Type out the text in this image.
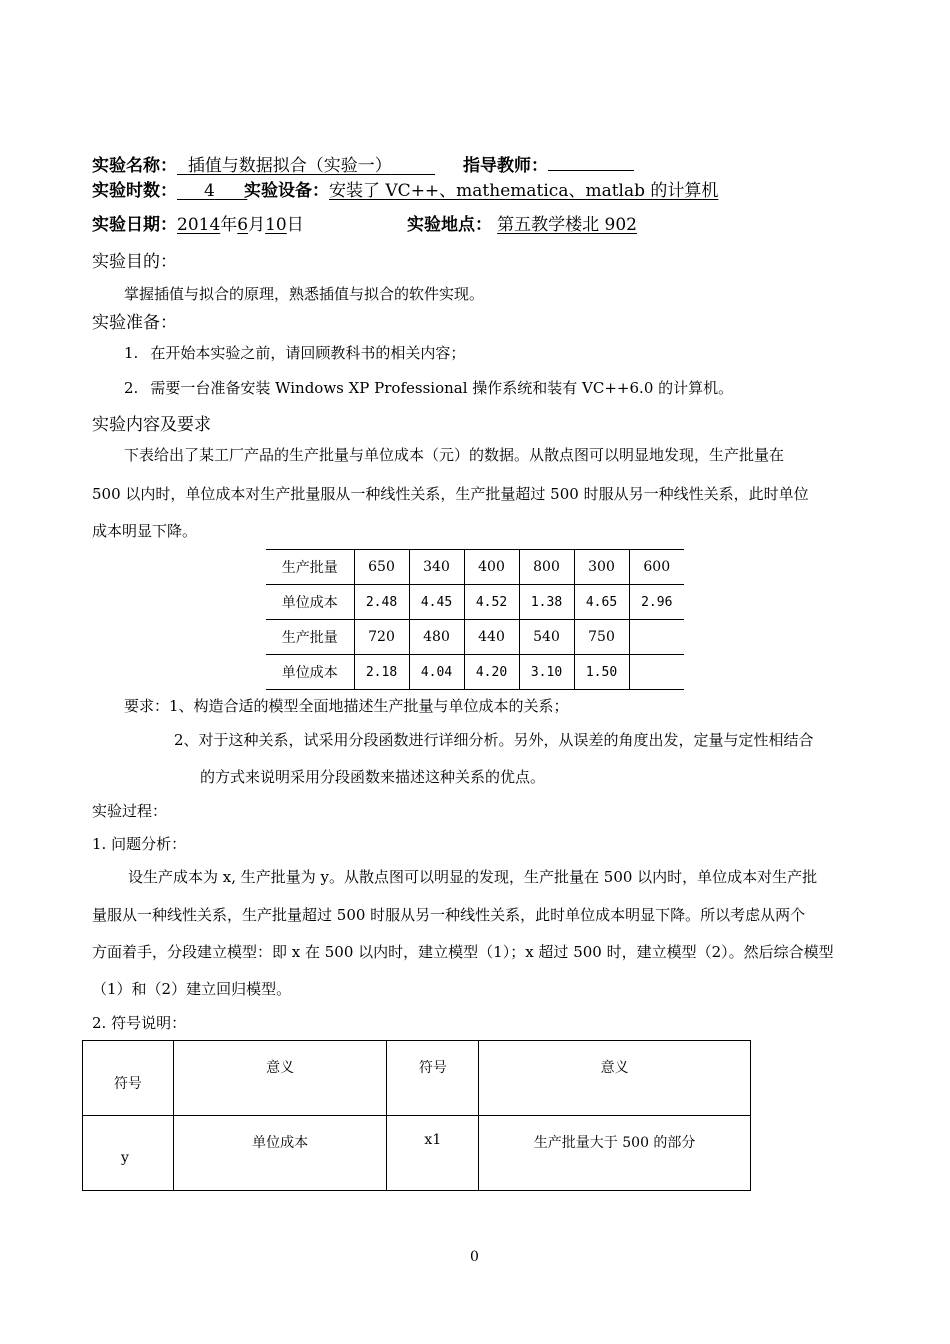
实验名称： 插值与数据拟合（实验一）	指导教师：
实验时数： 4 实验设备：安装了 VC++、mathematica、matlab 的计算机
实验日期：2014年6月10日	实验地点： 第五教学楼北 902
实验目的：
掌握插值与拟合的原理，熟悉插值与拟合的软件实现。
实验准备：
1. 在开始本实验之前，请回顾教科书的相关内容；
2. 需要一台准备安装 Windows XP Professional 操作系统和装有 VC++6.0 的计算机。
实验内容及要求
下表给出了某工厂产品的生产批量与单位成本（元）的数据。从散点图可以明显地发现，生产批量在
500 以内时，单位成本对生产批量服从一种线性关系，生产批量超过 500 时服从另一种线性关系，此时单位
成本明显下降。
生产批量	650	340	400	800	300	600
单位成本	2.48	4.45	4.52	1.38	4.65	2.96
生产批量	720	480	440	540	750	
单位成本	2.18	4.04	4.20	3.10	1.50	
要求：1、构造合适的模型全面地描述生产批量与单位成本的关系；
2、对于这种关系，试采用分段函数进行详细分析。另外，从误差的角度出发，定量与定性相结合
的方式来说明采用分段函数来描述这种关系的优点。
实验过程：
1. 问题分析：
设生产成本为 x, 生产批量为 y。从散点图可以明显的发现，生产批量在 500 以内时，单位成本对生产批
量服从一种线性关系，生产批量超过 500 时服从另一种线性关系，此时单位成本明显下降。所以考虑从两个
方面着手，分段建立模型：即 x 在 500 以内时，建立模型（1）；x 超过 500 时，建立模型（2）。然后综合模型
（1）和（2）建立回归模型。
2. 符号说明：
符号	意义	符号	意义
y	单位成本	x1	生产批量大于 500 的部分
0
